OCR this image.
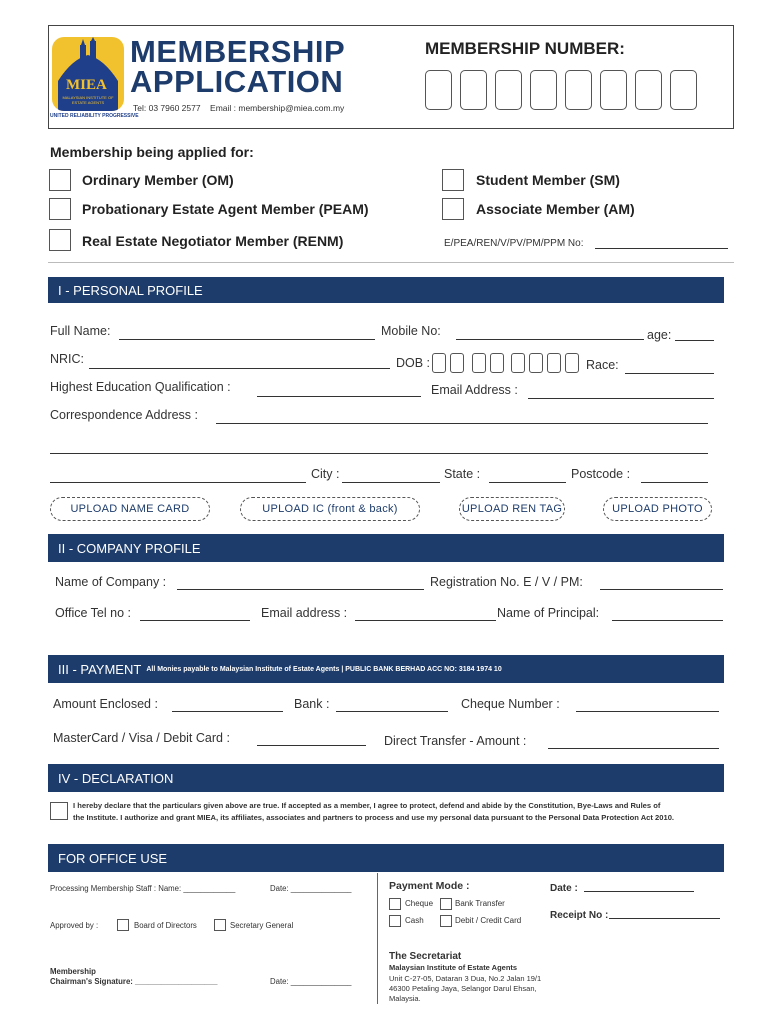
MIEA
MALAYSIAN INSTITUTE OF ESTATE AGENTS
UNITED RELIABILITY PROGRESSIVE
MEMBERSHIP
APPLICATION
Tel: 03 7960 2577    Email : membership@miea.com.my
MEMBERSHIP NUMBER:
Membership being applied for:
Ordinary Member (OM)	Student Member (SM)
Probationary Estate Agent Member (PEAM)	Associate Member (AM)
Real Estate Negotiator Member (RENM)	E/PEA/REN/V/PV/PM/PPM No:
I - PERSONAL PROFILE
Full Name:	Mobile No:	age:
NRIC:	DOB :	Race:
Highest Education Qualification :	Email Address :
Correspondence Address :
City :	State :	Postcode :
UPLOAD NAME CARD	UPLOAD IC (front & back)	UPLOAD REN TAG	UPLOAD PHOTO
II - COMPANY PROFILE
Name of Company :	Registration No. E / V / PM:
Office Tel no :	Email address :	Name of Principal:
III - PAYMENT All Monies payable to Malaysian Institute of Estate Agents | PUBLIC BANK BERHAD ACC NO: 3184 1974 10
Amount Enclosed :	Bank :	Cheque Number :
MasterCard / Visa / Debit Card :	Direct Transfer - Amount :
IV - DECLARATION
I hereby declare that the particulars given above are true. If accepted as a member, I agree to protect, defend and abide by the Constitution, Bye-Laws and Rules of
the Institute. I authorize and grant MIEA, its affiliates, associates and partners to process and use my personal data pursuant to the Personal Data Protection Act 2010.
FOR OFFICE USE
Processing Membership Staff : Name: ____________	Date: ______________
Approved by :	Board of Directors	Secretary General
Membership
Chairman's Signature: ___________________	Date: ______________
Payment Mode :
Cheque	Bank Transfer
Cash	Debit / Credit Card
Date :
Receipt No :
The Secretariat
Malaysian Institute of Estate Agents
Unit C-27-05, Dataran 3 Dua, No.2 Jalan 19/1
46300 Petaling Jaya, Selangor Darul Ehsan,
Malaysia.
